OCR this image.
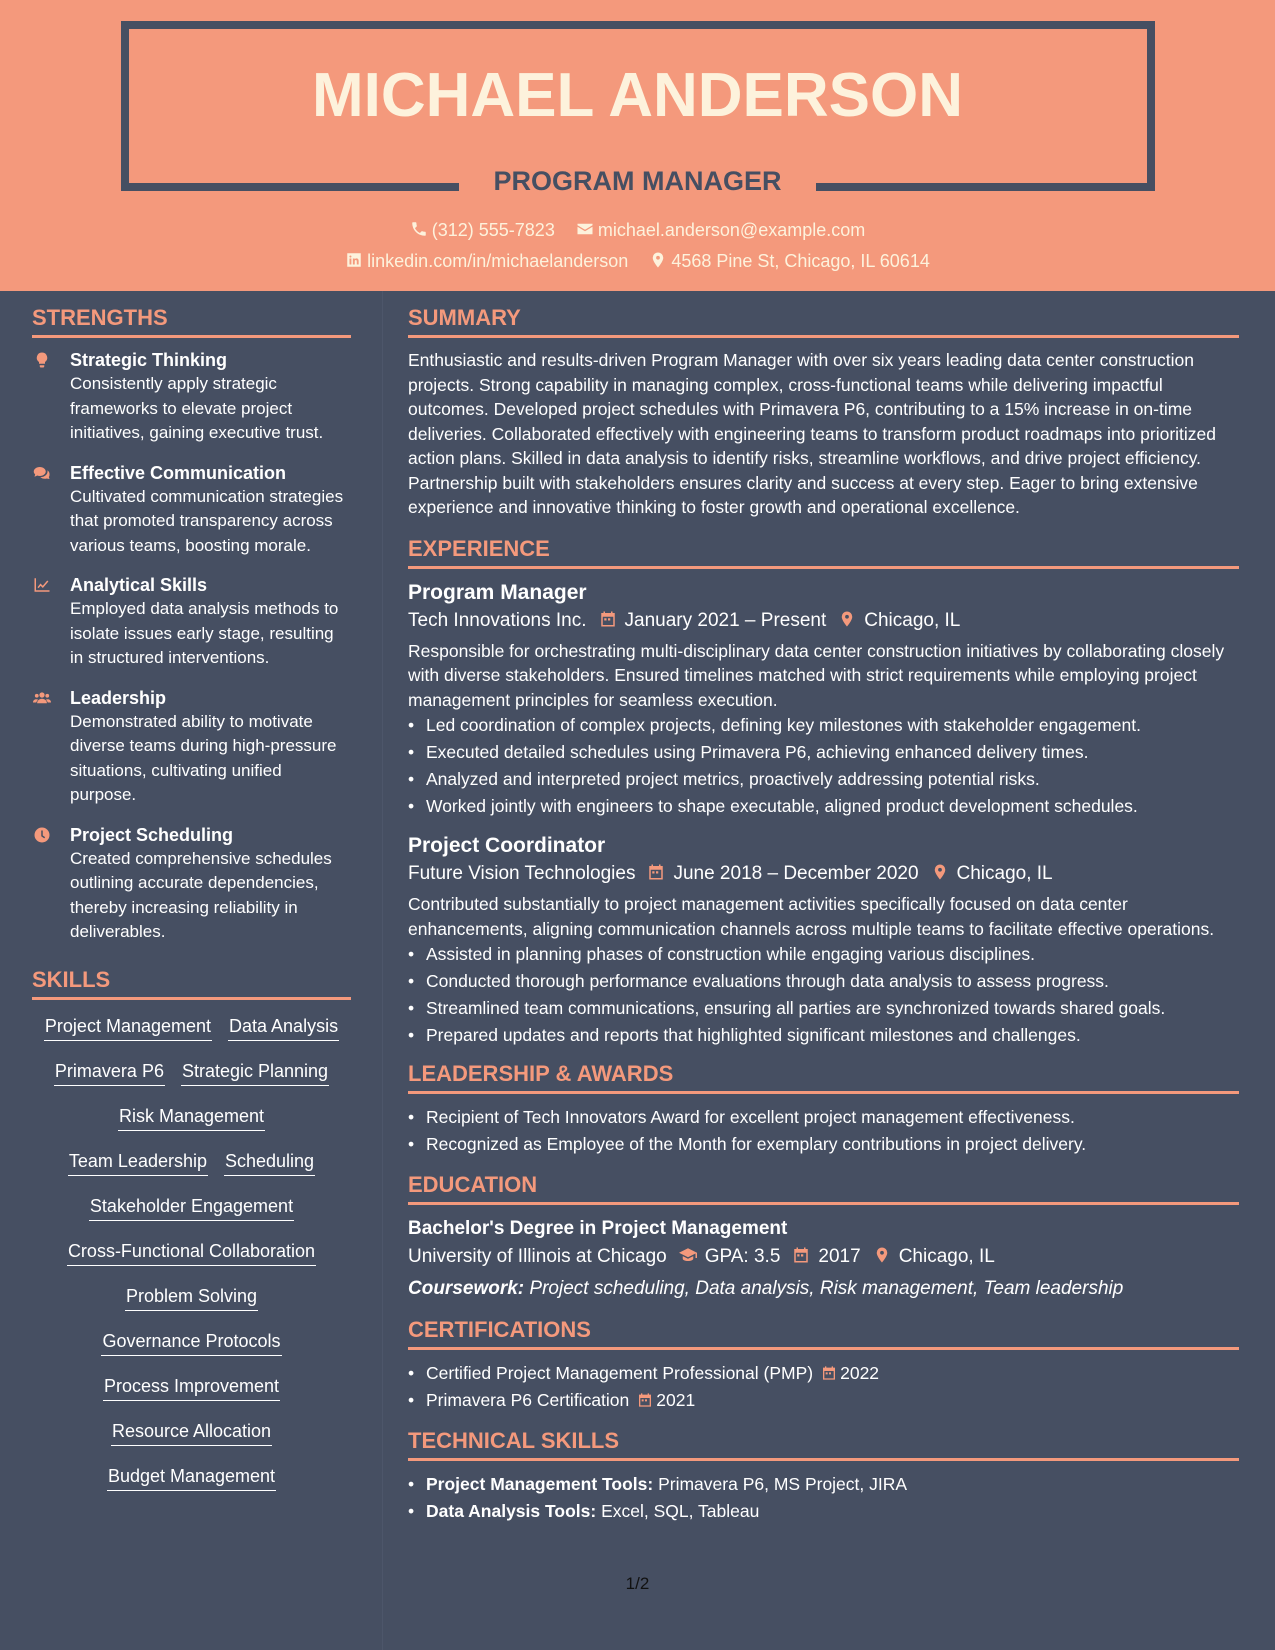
MICHAEL ANDERSON
PROGRAM MANAGER
(312) 555-7823 michael.anderson@example.com
linkedin.com/in/michaelanderson 4568 Pine St, Chicago, IL 60614
STRENGTHS
Strategic Thinking
Consistently apply strategic frameworks to elevate project initiatives, gaining executive trust.
Effective Communication
Cultivated communication strategies that promoted transparency across various teams, boosting morale.
Analytical Skills
Employed data analysis methods to isolate issues early stage, resulting in structured interventions.
Leadership
Demonstrated ability to motivate diverse teams during high-pressure situations, cultivating unified purpose.
Project Scheduling
Created comprehensive schedules outlining accurate dependencies, thereby increasing reliability in deliverables.
SKILLS
Project Management Data Analysis
Primavera P6 Strategic Planning
Risk Management
Team Leadership Scheduling
Stakeholder Engagement
Cross-Functional Collaboration
Problem Solving
Governance Protocols
Process Improvement
Resource Allocation
Budget Management
SUMMARY
Enthusiastic and results-driven Program Manager with over six years leading data center construction projects. Strong capability in managing complex, cross-functional teams while delivering impactful outcomes. Developed project schedules with Primavera P6, contributing to a 15% increase in on-time deliveries. Collaborated effectively with engineering teams to transform product roadmaps into prioritized action plans. Skilled in data analysis to identify risks, streamline workflows, and drive project efficiency. Partnership built with stakeholders ensures clarity and success at every step. Eager to bring extensive experience and innovative thinking to foster growth and operational excellence.
EXPERIENCE
Program Manager
Tech Innovations Inc. January 2021 – Present Chicago, IL
Responsible for orchestrating multi-disciplinary data center construction initiatives by collaborating closely with diverse stakeholders. Ensured timelines matched with strict requirements while employing project management principles for seamless execution.
• Led coordination of complex projects, defining key milestones with stakeholder engagement.
• Executed detailed schedules using Primavera P6, achieving enhanced delivery times.
• Analyzed and interpreted project metrics, proactively addressing potential risks.
• Worked jointly with engineers to shape executable, aligned product development schedules.
Project Coordinator
Future Vision Technologies June 2018 – December 2020 Chicago, IL
Contributed substantially to project management activities specifically focused on data center enhancements, aligning communication channels across multiple teams to facilitate effective operations.
• Assisted in planning phases of construction while engaging various disciplines.
• Conducted thorough performance evaluations through data analysis to assess progress.
• Streamlined team communications, ensuring all parties are synchronized towards shared goals.
• Prepared updates and reports that highlighted significant milestones and challenges.
LEADERSHIP & AWARDS
• Recipient of Tech Innovators Award for excellent project management effectiveness.
• Recognized as Employee of the Month for exemplary contributions in project delivery.
EDUCATION
Bachelor's Degree in Project Management
University of Illinois at Chicago GPA: 3.5 2017 Chicago, IL
Coursework: Project scheduling, Data analysis, Risk management, Team leadership
CERTIFICATIONS
• Certified Project Management Professional (PMP) 2022
• Primavera P6 Certification 2021
TECHNICAL SKILLS
• Project Management Tools: Primavera P6, MS Project, JIRA
• Data Analysis Tools: Excel, SQL, Tableau
1/2
